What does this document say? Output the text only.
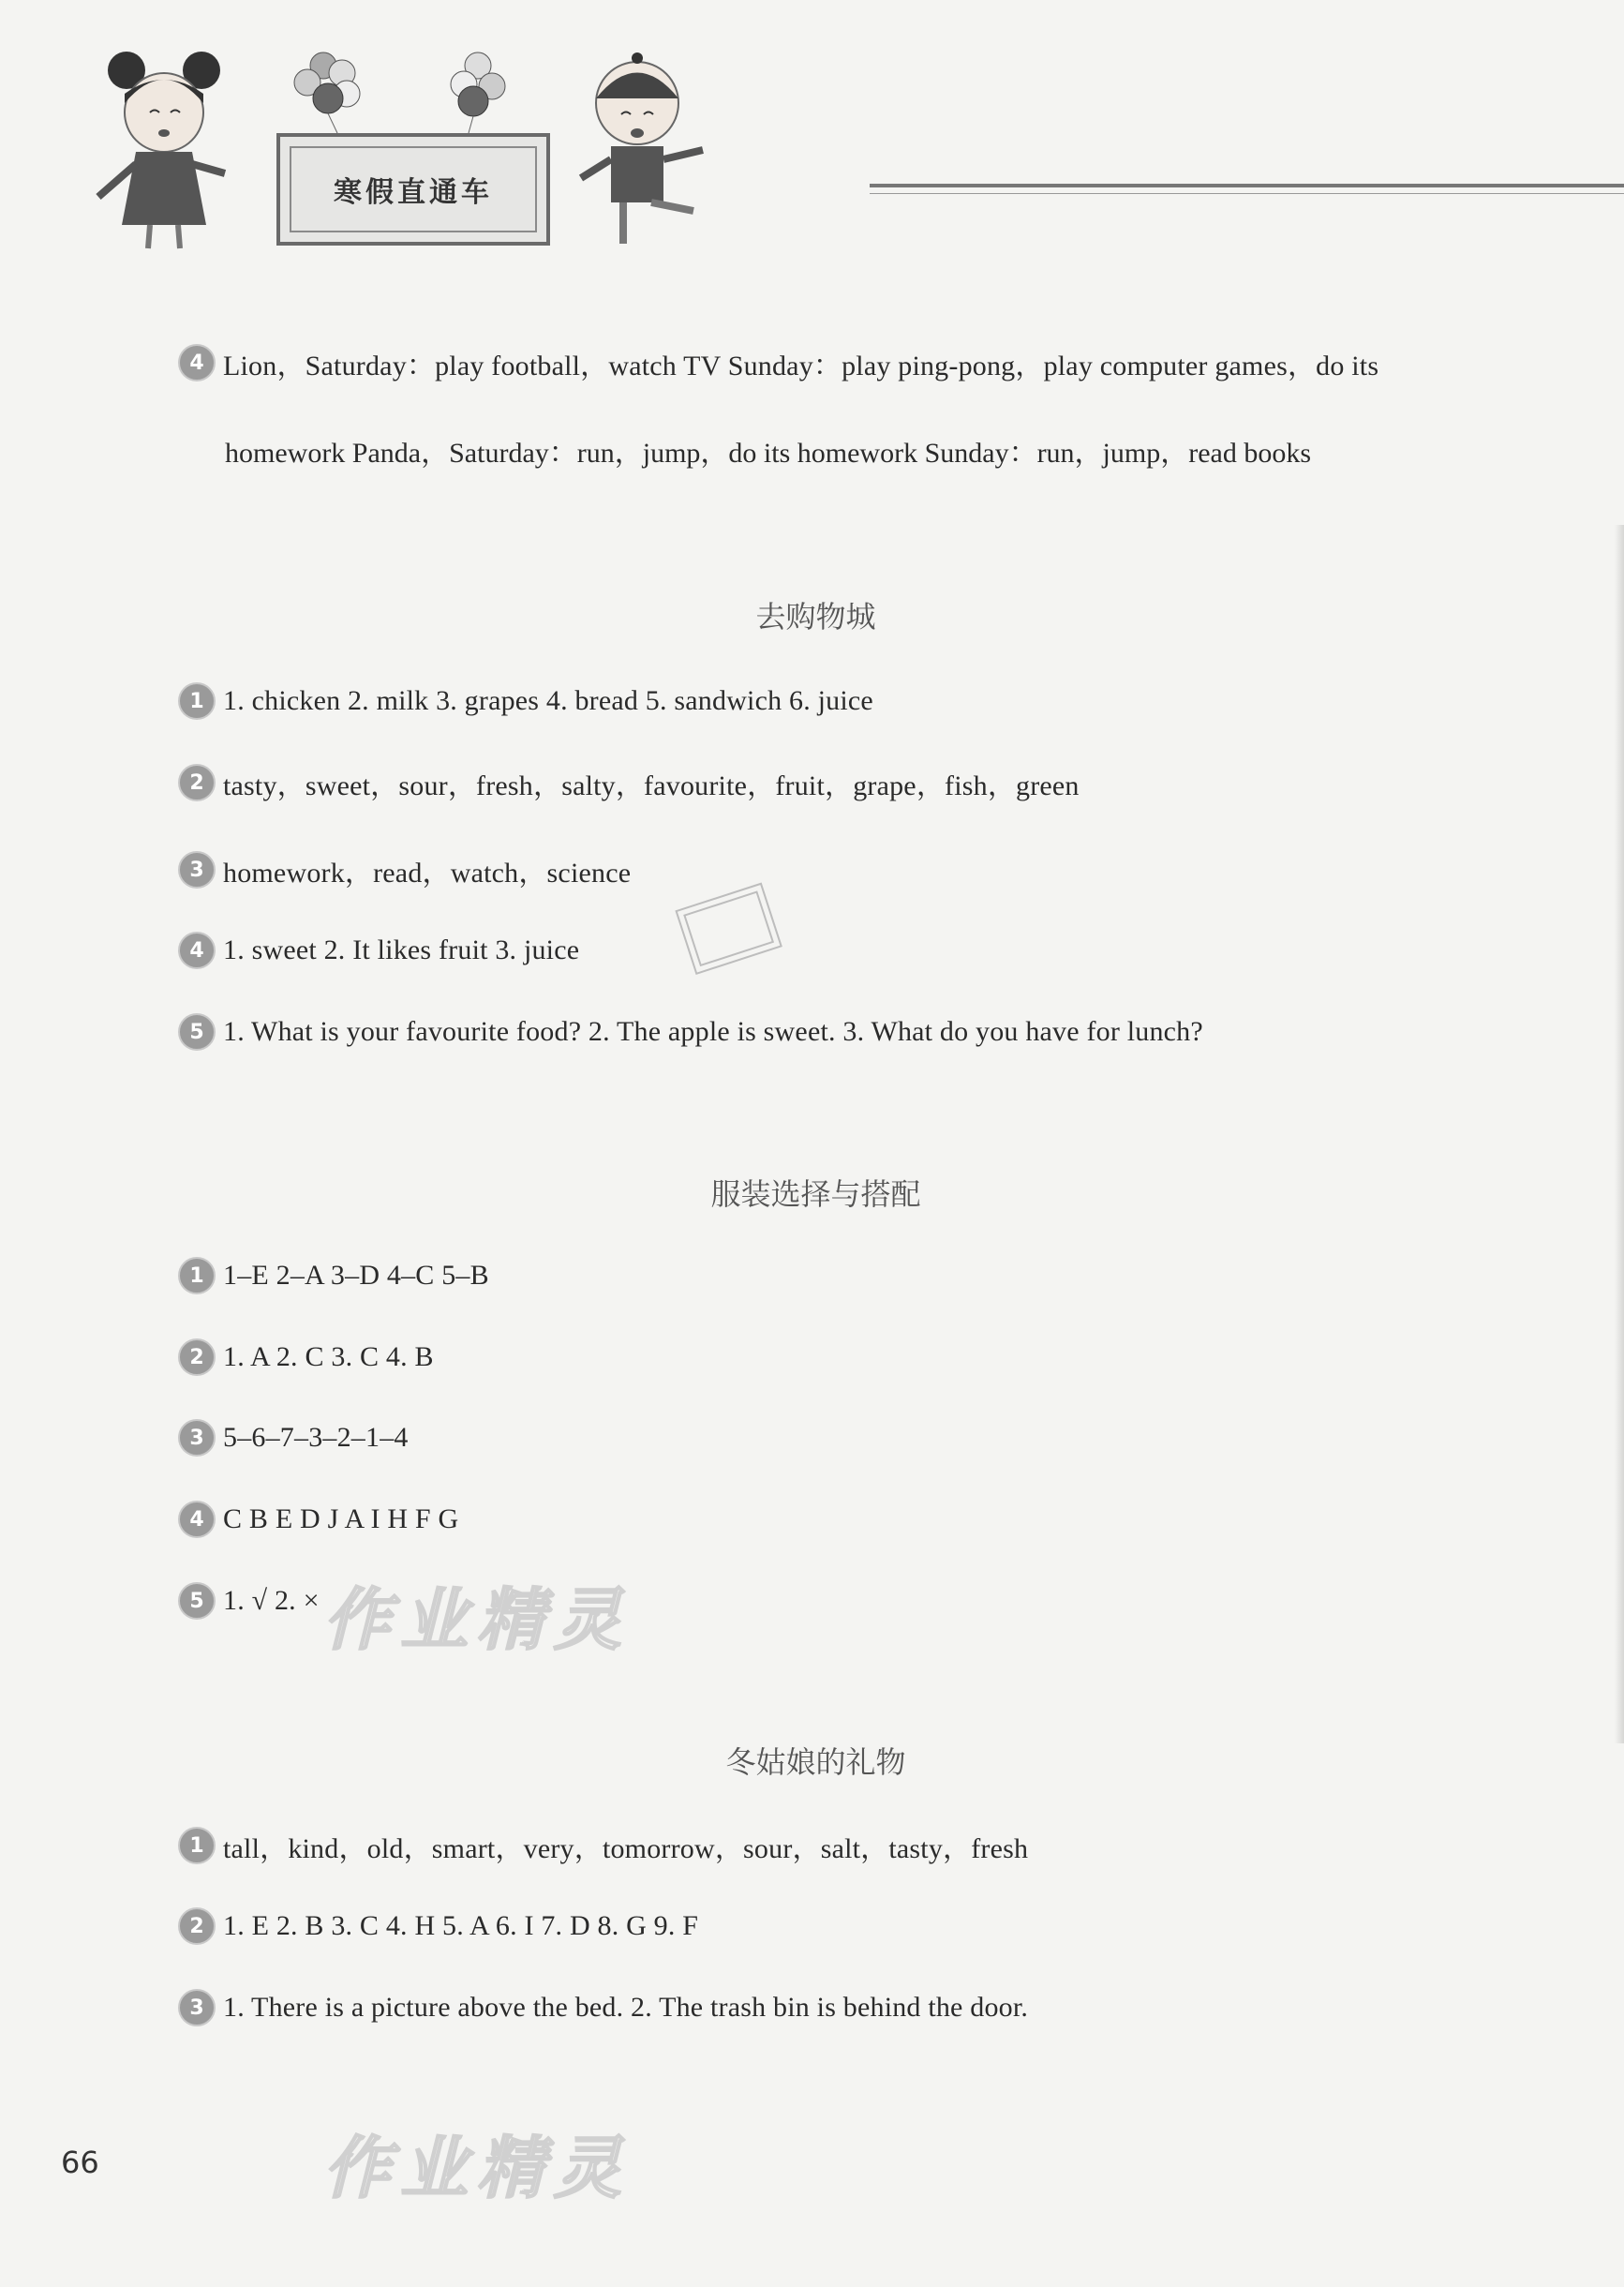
寒假直通车
4 Lion，Saturday：play football，watch TV Sunday：play ping-pong，play computer games，do its
homework Panda，Saturday：run，jump，do its homework Sunday：run，jump，read books
去购物城
1 1. chicken 2. milk 3. grapes 4. bread 5. sandwich 6. juice
2 tasty，sweet，sour，fresh，salty，favourite，fruit，grape，fish，green
3 homework，read，watch，science
4 1. sweet 2. It likes fruit 3. juice
5 1. What is your favourite food? 2. The apple is sweet. 3. What do you have for lunch?
服装选择与搭配
1 1–E 2–A 3–D 4–C 5–B
2 1. A 2. C 3. C 4. B
3 5–6–7–3–2–1–4
4 C B E D J A I H F G
5 1. √ 2. × 作业精灵
冬姑娘的礼物
1 tall，kind，old，smart，very，tomorrow，sour，salt，tasty，fresh
2 1. E 2. B 3. C 4. H 5. A 6. I 7. D 8. G 9. F
3 1. There is a picture above the bed. 2. The trash bin is behind the door.
作业精灵
66
